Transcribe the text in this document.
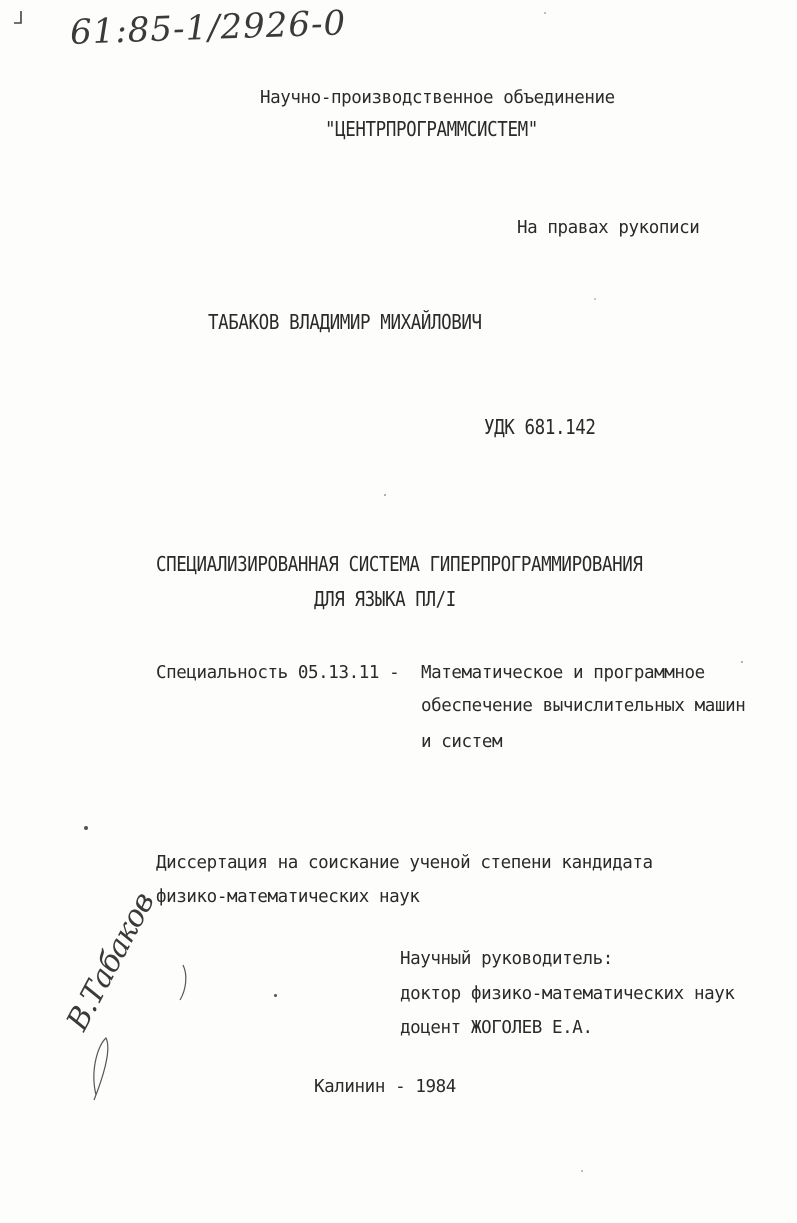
61:85-1/2926-0
Научно-производственное объединение
"ЦЕНТРПРОГРАММСИСТЕМ"
На правах рукописи
ТАБАКОВ ВЛАДИМИР МИХАЙЛОВИЧ
УДК 681.142
СПЕЦИАЛИЗИРОВАННАЯ СИСТЕМА ГИПЕРПРОГРАММИРОВАНИЯ
ДЛЯ ЯЗЫКА ПЛ/I
Специальность 05.13.11 - Математическое и программное
обеспечение вычислительных машин
и систем
Диссертация на соискание ученой степени кандидата
физико-математических наук
Научный руководитель:
доктор физико-математических наук
доцент ЖОГОЛЕВ Е.А.
Калинин - 1984
В.Табаков
